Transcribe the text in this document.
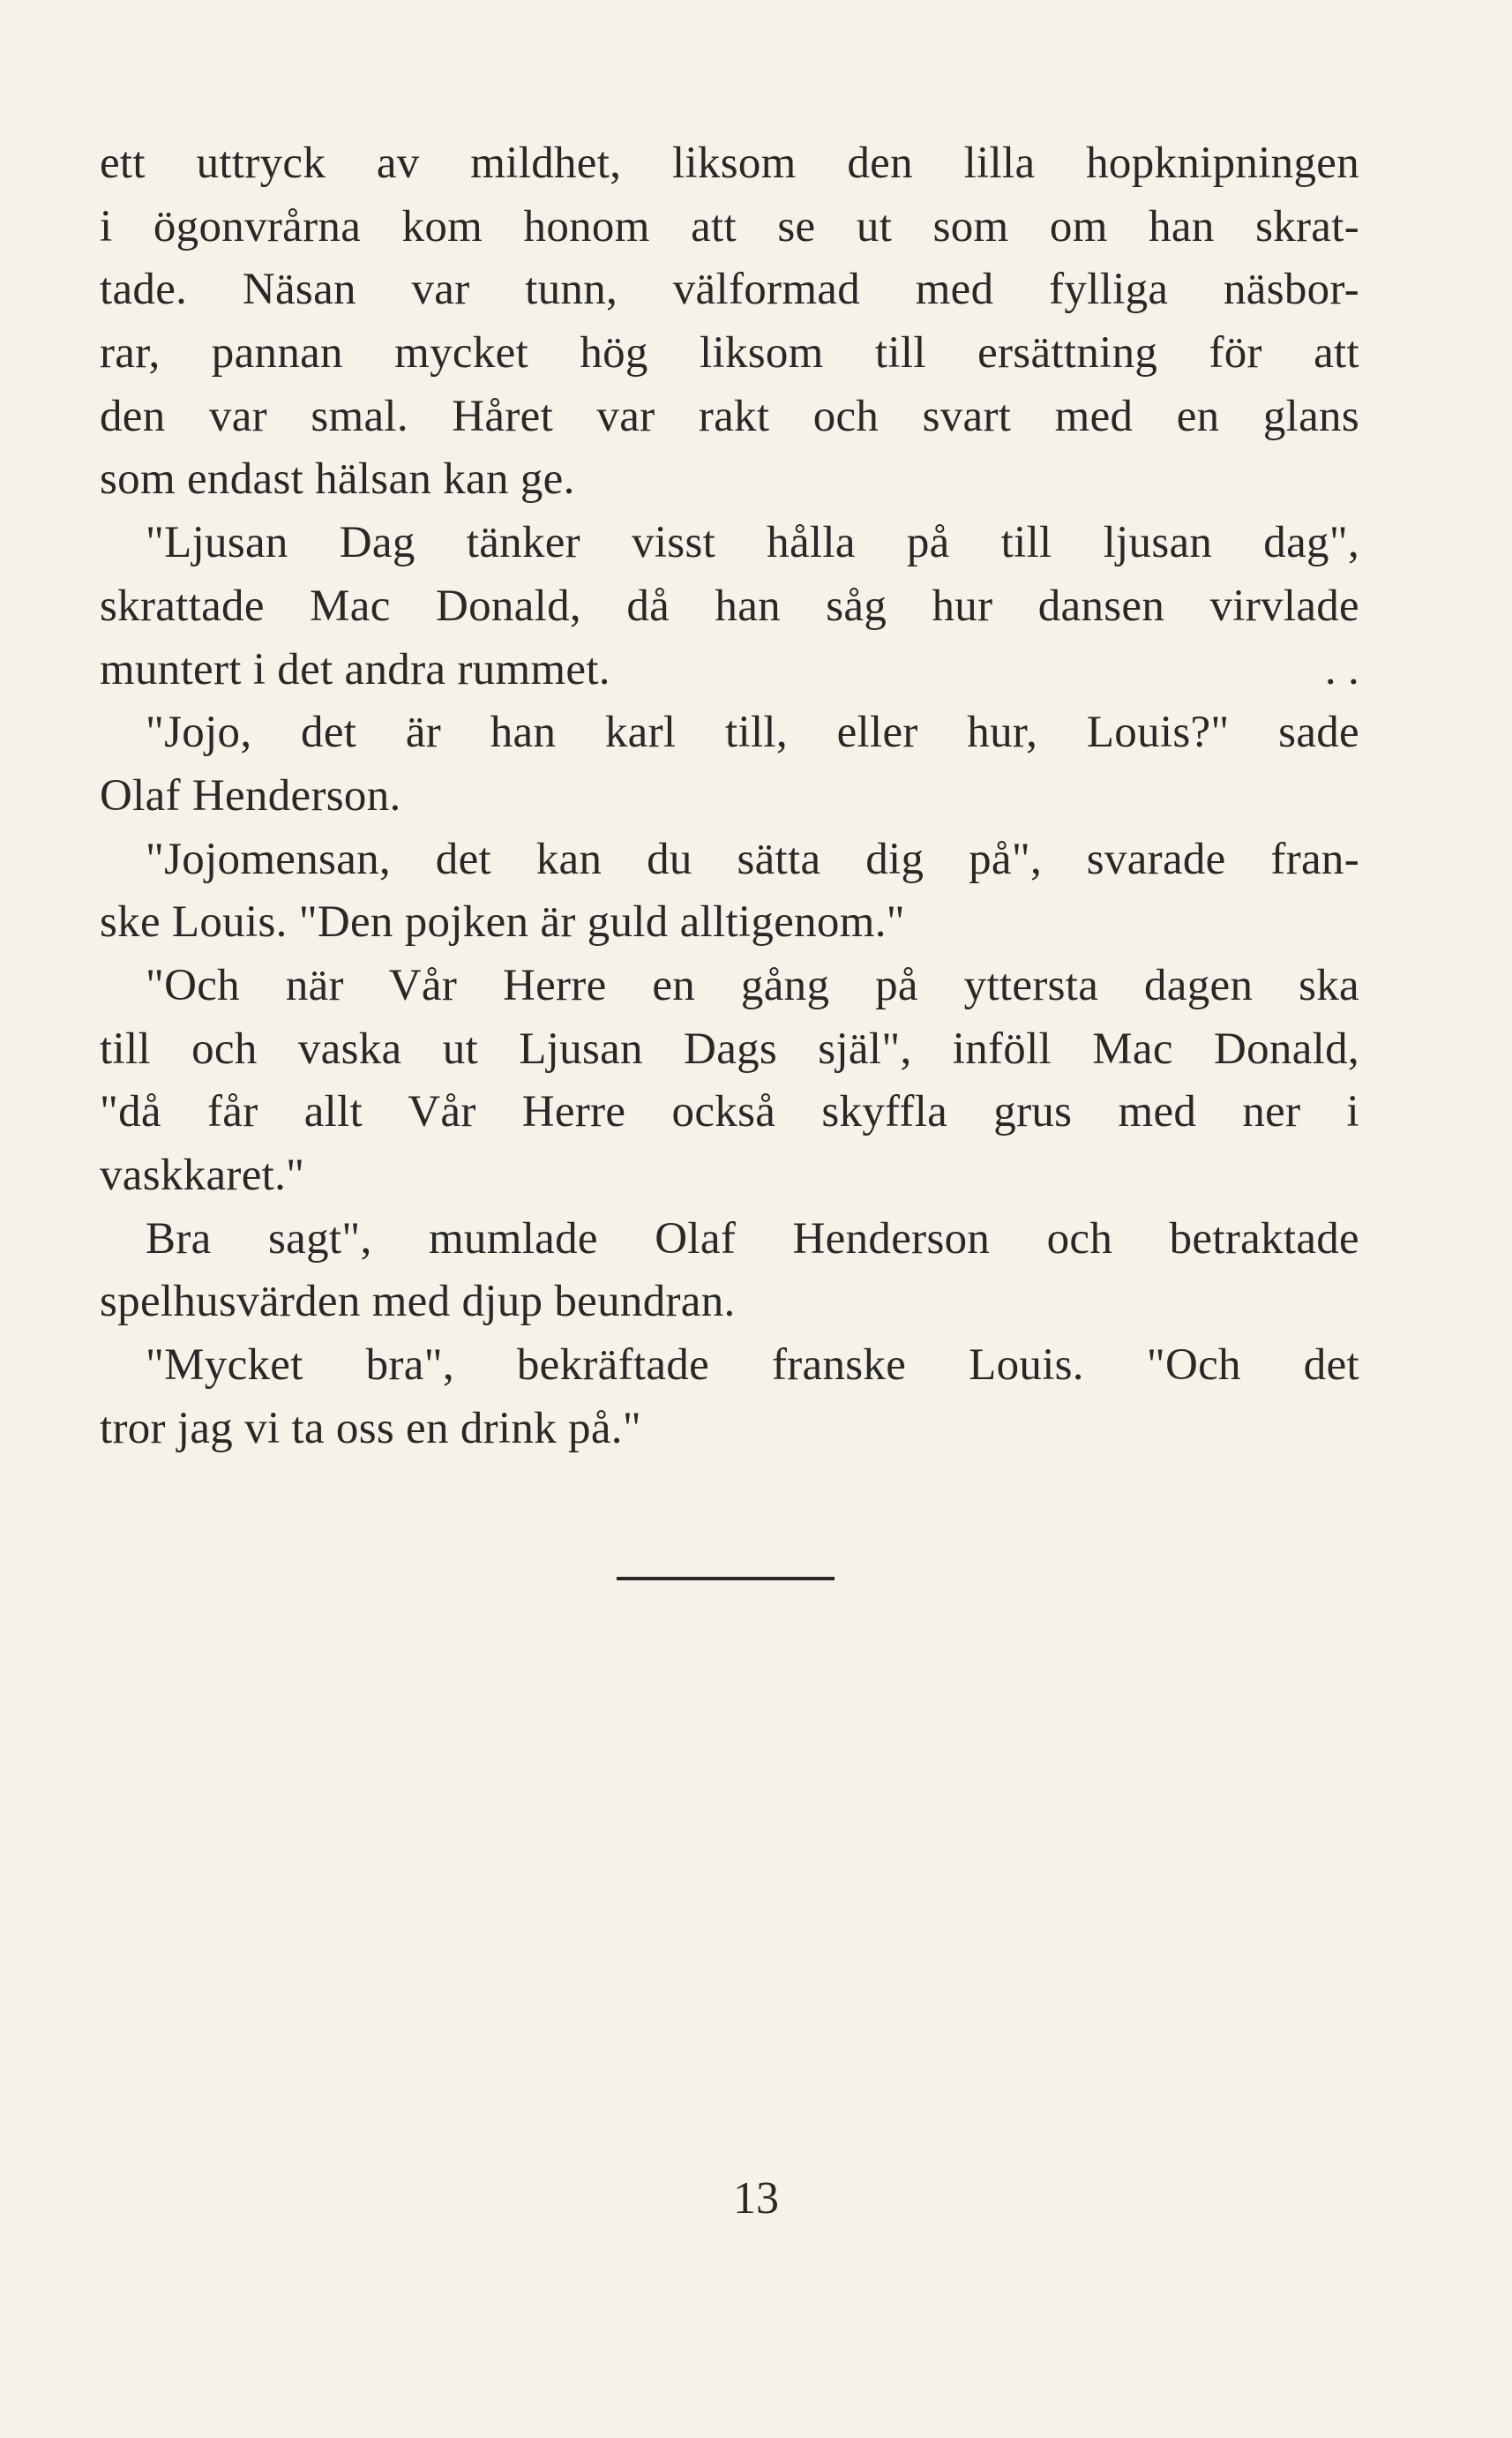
ett uttryck av mildhet, liksom den lilla hopknipningen
i ögonvrårna kom honom att se ut som om han skrat-
tade. Näsan var tunn, välformad med fylliga näsbor-
rar, pannan mycket hög liksom till ersättning för att
den var smal. Håret var rakt och svart med en glans
som endast hälsan kan ge.
"Ljusan Dag tänker visst hålla på till ljusan dag",
skrattade Mac Donald, då han såg hur dansen virvlade
muntert i det andra rummet.	. .
"Jojo, det är han karl till, eller hur, Louis?" sade
Olaf Henderson.
"Jojomensan, det kan du sätta dig på", svarade fran-
ske Louis. "Den pojken är guld alltigenom."
"Och när Vår Herre en gång på yttersta dagen ska
till och vaska ut Ljusan Dags själ", inföll Mac Donald,
"då får allt Vår Herre också skyffla grus med ner i
vaskkaret."
Bra sagt", mumlade Olaf Henderson och betraktade
spelhusvärden med djup beundran.
"Mycket bra", bekräftade franske Louis. "Och det
tror jag vi ta oss en drink på."
13
